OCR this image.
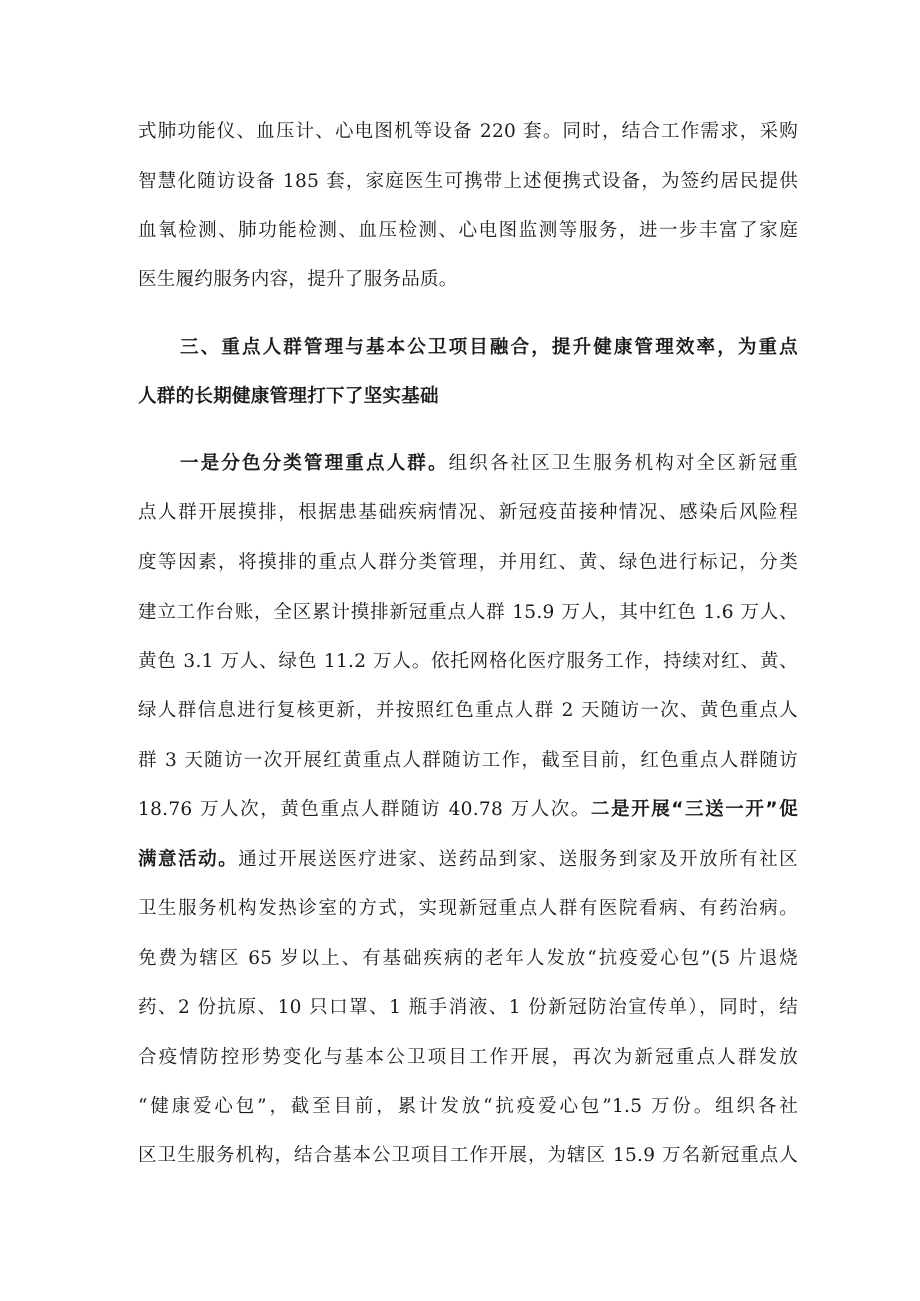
式肺功能仪、血压计、心电图机等设备 220 套。同时，结合工作需求，采购
智慧化随访设备 185 套，家庭医生可携带上述便携式设备，为签约居民提供
血氧检测、肺功能检测、血压检测、心电图监测等服务，进一步丰富了家庭
医生履约服务内容，提升了服务品质。
三、重点人群管理与基本公卫项目融合，提升健康管理效率，为重点
人群的长期健康管理打下了坚实基础
一是分色分类管理重点人群。组织各社区卫生服务机构对全区新冠重
点人群开展摸排，根据患基础疾病情况、新冠疫苗接种情况、感染后风险程
度等因素，将摸排的重点人群分类管理，并用红、黄、绿色进行标记，分类
建立工作台账，全区累计摸排新冠重点人群 15.9 万人，其中红色 1.6 万人、
黄色 3.1 万人、绿色 11.2 万人。依托网格化医疗服务工作，持续对红、黄、
绿人群信息进行复核更新，并按照红色重点人群 2 天随访一次、黄色重点人
群 3 天随访一次开展红黄重点人群随访工作，截至目前，红色重点人群随访
18.76 万人次，黄色重点人群随访 40.78 万人次。二是开展“三送一开”促
满意活动。通过开展送医疗进家、送药品到家、送服务到家及开放所有社区
卫生服务机构发热诊室的方式，实现新冠重点人群有医院看病、有药治病。
免费为辖区 65 岁以上、有基础疾病的老年人发放“抗疫爱心包”(5 片退烧
药、2 份抗原、10 只口罩、1 瓶手消液、1 份新冠防治宣传单），同时，结
合疫情防控形势变化与基本公卫项目工作开展，再次为新冠重点人群发放
“健康爱心包”，截至目前，累计发放“抗疫爱心包”1.5 万份。组织各社
区卫生服务机构，结合基本公卫项目工作开展，为辖区 15.9 万名新冠重点人
